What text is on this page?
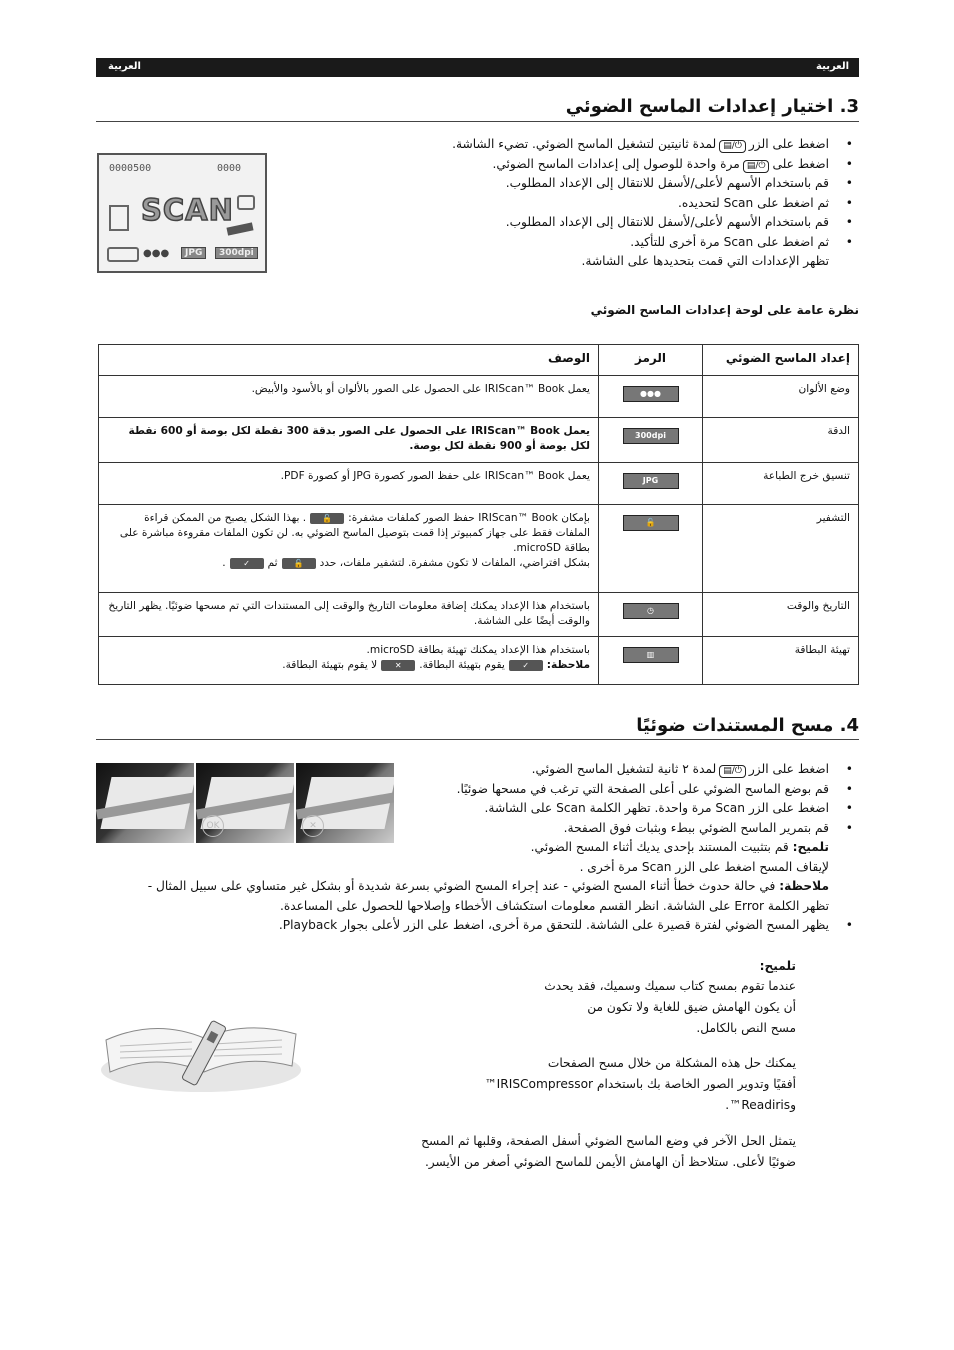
العربية	العربية
3. اختيار إعدادات الماسح الضوئي
• اضغط على الزر⏻/▤لمدة ثانيتين لتشغيل الماسح الضوئي. تضيء الشاشة.
• اضغط على⏻/▤مرة واحدة للوصول إلى إعدادات الماسح الضوئي.
• قم باستخدام الأسهم لأعلى/لأسفل للانتقال إلى الإعداد المطلوب.
• ثم اضغط على Scan لتحديده.
• قم باستخدام الأسهم لأعلى/لأسفل للانتقال إلى الإعداد المطلوب.
• ثم اضغط على Scan مرة أخرى للتأكيد.
تظهر الإعدادات التي قمت بتحديدها على الشاشة.
0000500	0000
SCAN
●●●	JPG	300dpi
نظرة عامة على لوحة إعدادات الماسح الضوئي
إعداد الماسح الضوئي	الرمز	الوصف
وضع الألوان	●●●	يعمل IRIScan™ Book على الحصول على الصور بالألوان أو بالأسود والأبيض.
الدقة	300dpi	يعمل IRIScan™ Book على الحصول على الصور بدقة 300 نقطة لكل بوصة أو 600 نقطة لكل بوصة أو 900 نقطة لكل بوصة.
تنسيق خرج الطباعة	JPG	يعمل IRIScan™ Book على حفظ الصور كصورة JPG أو كصورة PDF.
التشفير	🔓	بإمكان IRIScan™ Book حفظ الصور كملفات مشفرة:🔓. بهذا الشكل يصبح من الممكن قراءة الملفات فقط على جهاز كمبيوتر إذا قمت بتوصيل الماسح الضوئي به. لن تكون الملفات مقروءة مباشرة على بطاقة microSD.
بشكل افتراضي، الملفات لا تكون مشفرة. لتشفير ملفات، حدد🔓ثم✓.
التاريخ والوقت	◷	باستخدام هذا الإعداد يمكنك إضافة معلومات التاريخ والوقت إلى المستندات التي تم مسحها ضوئيًا. يظهر التاريخ والوقت أيضًا على الشاشة.
تهيئة البطاقة	▥	باستخدام هذا الإعداد يمكنك تهيئة بطاقة microSD.
ملاحظة:✓يقوم بتهيئة البطاقة.✕لا يقوم بتهيئة البطاقة.
4. مسح المستندات ضوئيًا
• اضغط على الزر⏻/▤لمدة ٢ ثانية لتشغيل الماسح الضوئي.
• قم بوضع الماسح الضوئي على أعلى الصفحة التي ترغب في مسحها ضوئيًا.
• اضغط على الزر Scan مرة واحدة. تظهر الكلمة Scan على الشاشة.
• قم بتمرير الماسح الضوئي ببطء وبثبات فوق الصفحة.
تلميح: قم بتثبيت المستند بإحدى يديك أثناء المسح الضوئي.
لإيقاف المسح اضغط على الزر Scan مرة أخرى .
ملاحظة: في حالة حدوث خطأ أثناء المسح الضوئي - عند إجراء المسح الضوئي بسرعة شديدة أو بشكل غير متساوي على سبيل المثال -
تظهر الكلمة Error على الشاشة. انظر القسم معلومات استكشاف الأخطاء وإصلاحها للحصول على المساعدة.
• يظهر المسح الضوئي لفترة قصيرة على الشاشة. للتحقق مرة أخرى، اضغط على الزر لأعلى بجوار Playback.
OK	✕
تلميح:
عندما تقوم بمسح كتاب سميك وسميك، فقد يحدث
أن يكون الهامش ضيق للغاية ولا تكون من
مسح النص بالكامل.
يمكنك حل هذه المشكلة من خلال مسح الصفحات
أفقيًا وتدوير الصور الخاصة بك باستخدام IRISCompressor™
وReadiris™.
يتمثل الحل الآخر في وضع الماسح الضوئي أسفل الصفحة، وقلبها ثم المسح
ضوئيًا لأعلى. ستلاحظ أن الهامش الأيمن للماسح الضوئي أصغر من الأيسر.
